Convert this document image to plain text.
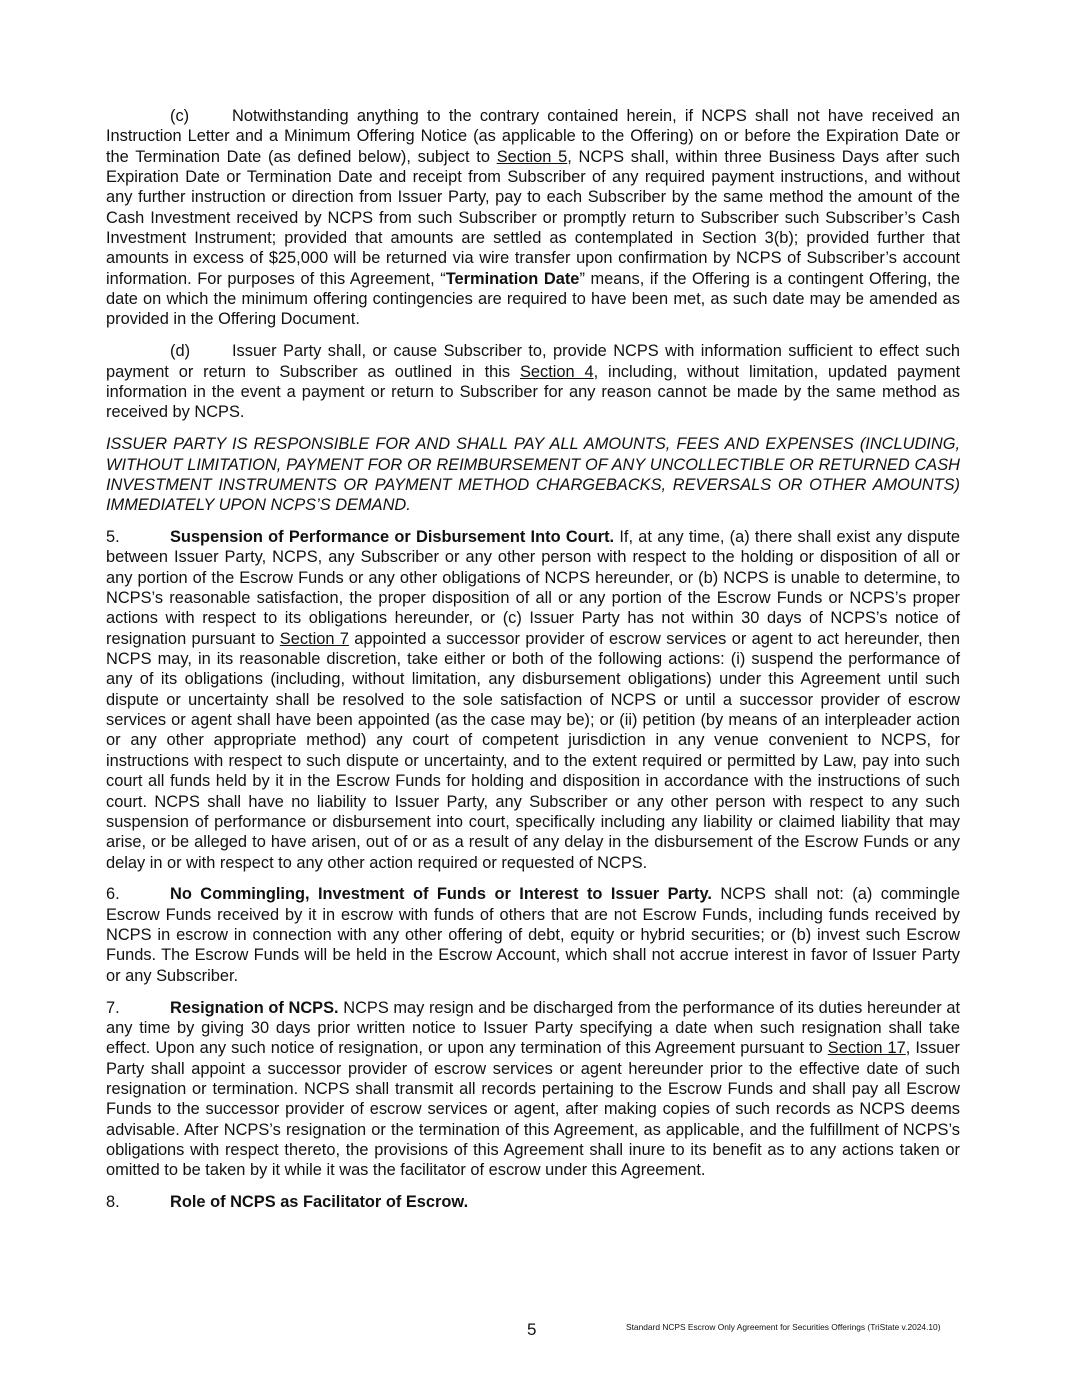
(c)	Notwithstanding anything to the contrary contained herein, if NCPS shall not have received an Instruction Letter and a Minimum Offering Notice (as applicable to the Offering) on or before the Expiration Date or the Termination Date (as defined below), subject to Section 5, NCPS shall, within three Business Days after such Expiration Date or Termination Date and receipt from Subscriber of any required payment instructions, and without any further instruction or direction from Issuer Party, pay to each Subscriber by the same method the amount of the Cash Investment received by NCPS from such Subscriber or promptly return to Subscriber such Subscriber’s Cash Investment Instrument; provided that amounts are settled as contemplated in Section 3(b); provided further that amounts in excess of $25,000 will be returned via wire transfer upon confirmation by NCPS of Subscriber’s account information. For purposes of this Agreement, “Termination Date” means, if the Offering is a contingent Offering, the date on which the minimum offering contingencies are required to have been met, as such date may be amended as provided in the Offering Document.

(d)	Issuer Party shall, or cause Subscriber to, provide NCPS with information sufficient to effect such payment or return to Subscriber as outlined in this Section 4, including, without limitation, updated payment information in the event a payment or return to Subscriber for any reason cannot be made by the same method as received by NCPS.

ISSUER PARTY IS RESPONSIBLE FOR AND SHALL PAY ALL AMOUNTS, FEES AND EXPENSES (INCLUDING, WITHOUT LIMITATION, PAYMENT FOR OR REIMBURSEMENT OF ANY UNCOLLECTIBLE OR RETURNED CASH INVESTMENT INSTRUMENTS OR PAYMENT METHOD CHARGEBACKS, REVERSALS OR OTHER AMOUNTS) IMMEDIATELY UPON NCPS’S DEMAND.

5.	Suspension of Performance or Disbursement Into Court. If, at any time, (a) there shall exist any dispute between Issuer Party, NCPS, any Subscriber or any other person with respect to the holding or disposition of all or any portion of the Escrow Funds or any other obligations of NCPS hereunder, or (b) NCPS is unable to determine, to NCPS’s reasonable satisfaction, the proper disposition of all or any portion of the Escrow Funds or NCPS’s proper actions with respect to its obligations hereunder, or (c) Issuer Party has not within 30 days of NCPS’s notice of resignation pursuant to Section 7 appointed a successor provider of escrow services or agent to act hereunder, then NCPS may, in its reasonable discretion, take either or both of the following actions: (i) suspend the performance of any of its obligations (including, without limitation, any disbursement obligations) under this Agreement until such dispute or uncertainty shall be resolved to the sole satisfaction of NCPS or until a successor provider of escrow services or agent shall have been appointed (as the case may be); or (ii) petition (by means of an interpleader action or any other appropriate method) any court of competent jurisdiction in any venue convenient to NCPS, for instructions with respect to such dispute or uncertainty, and to the extent required or permitted by Law, pay into such court all funds held by it in the Escrow Funds for holding and disposition in accordance with the instructions of such court. NCPS shall have no liability to Issuer Party, any Subscriber or any other person with respect to any such suspension of performance or disbursement into court, specifically including any liability or claimed liability that may arise, or be alleged to have arisen, out of or as a result of any delay in the disbursement of the Escrow Funds or any delay in or with respect to any other action required or requested of NCPS.

6.	No Commingling, Investment of Funds or Interest to Issuer Party. NCPS shall not: (a) commingle Escrow Funds received by it in escrow with funds of others that are not Escrow Funds, including funds received by NCPS in escrow in connection with any other offering of debt, equity or hybrid securities; or (b) invest such Escrow Funds. The Escrow Funds will be held in the Escrow Account, which shall not accrue interest in favor of Issuer Party or any Subscriber.

7.	Resignation of NCPS. NCPS may resign and be discharged from the performance of its duties hereunder at any time by giving 30 days prior written notice to Issuer Party specifying a date when such resignation shall take effect. Upon any such notice of resignation, or upon any termination of this Agreement pursuant to Section 17, Issuer Party shall appoint a successor provider of escrow services or agent hereunder prior to the effective date of such resignation or termination. NCPS shall transmit all records pertaining to the Escrow Funds and shall pay all Escrow Funds to the successor provider of escrow services or agent, after making copies of such records as NCPS deems advisable. After NCPS’s resignation or the termination of this Agreement, as applicable, and the fulfillment of NCPS’s obligations with respect thereto, the provisions of this Agreement shall inure to its benefit as to any actions taken or omitted to be taken by it while it was the facilitator of escrow under this Agreement.

8.	Role of NCPS as Facilitator of Escrow.

5	Standard NCPS Escrow Only Agreement for Securities Offerings (TriState v.2024.10)
